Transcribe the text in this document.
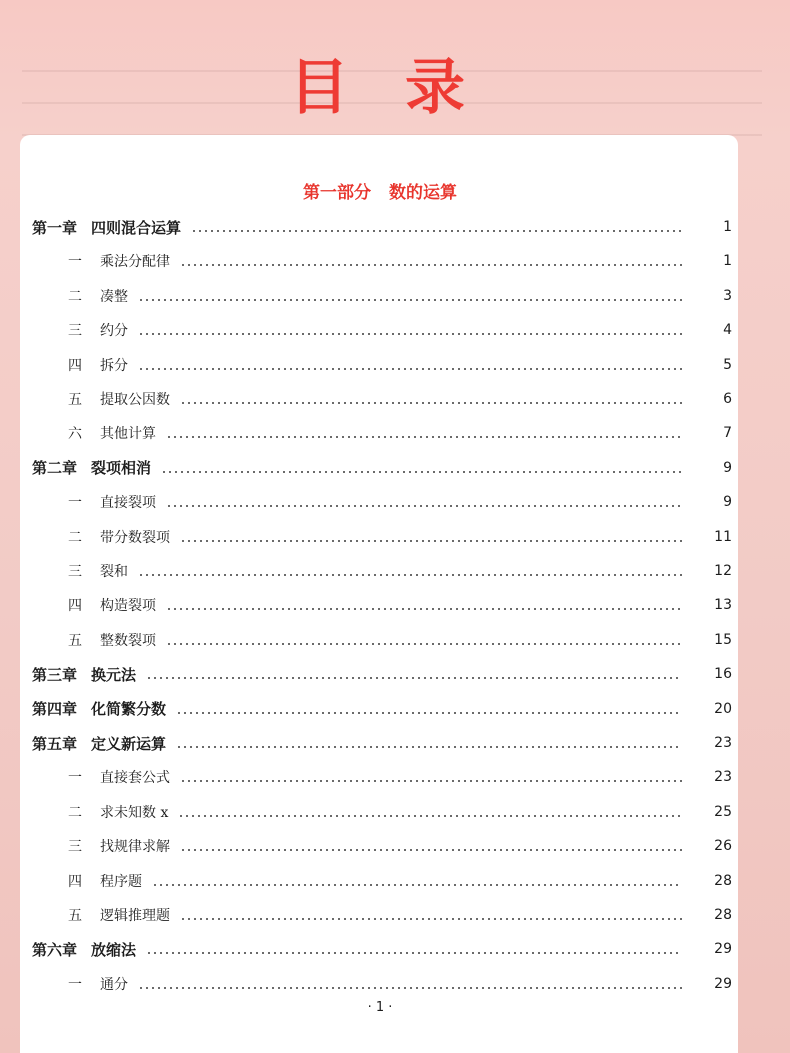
目录
第一部分 数的运算
第一章 四则混合运算	1
一	乘法分配律	1
二	凑整	3
三	约分	4
四	拆分	5
五	提取公因数	6
六	其他计算	7
第二章 裂项相消	9
一	直接裂项	9
二	带分数裂项	11
三	裂和	12
四	构造裂项	13
五	整数裂项	15
第三章 换元法	16
第四章 化简繁分数	20
第五章 定义新运算	23
一	直接套公式	23
二	求未知数 x	25
三	找规律求解	26
四	程序题	28
五	逻辑推理题	28
第六章 放缩法	29
一	通分	29
· 1 ·
